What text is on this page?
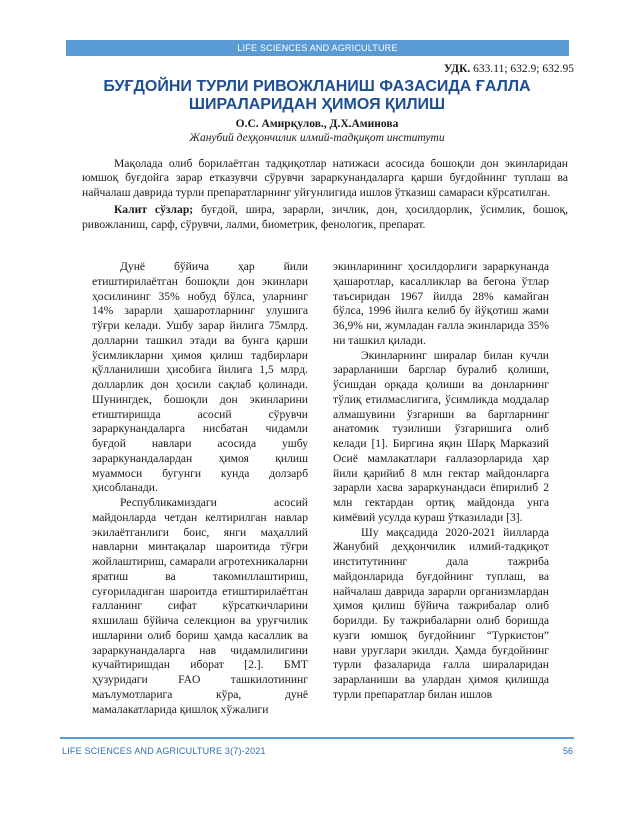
LIFE SCIENCES AND AGRICULTURE
УДК. 633.11; 632.9; 632.95
БУҒДОЙНИ ТУРЛИ РИВОЖЛАНИШ ФАЗАСИДА ҒАЛЛА
ШИРАЛАРИДАН ҲИМОЯ ҚИЛИШ
О.С. Амирқулов., Д.Х.Аминова
Жанубий деҳқончилик илмий-тадқиқот институти

Мақолада олиб борилаётган тадқиқотлар натижаси асосида бошоқли дон экинларидан юмшоқ буғдойга зарар етказувчи сўрувчи зараркунандаларга қарши буғдойнинг туплаш ва найчалаш даврида турли препаратларнинг уйғунлигида ишлов ўтказиш самарaси кўрсатилган.

Калит сўзлар; буғдой, шира, зарарли, зичлик, дон, ҳосилдорлик, ўсимлик, бошоқ, ривожланиш, сарф, сўрувчи, лалми, биометрик, фенологик, препарат.

Дунё бўйича ҳар йили етиштирилаётган бошоқли дон экинлари ҳосилининг 35% нобуд бўлса, уларнинг 14% зарарли ҳашаротларнинг улушига тўғри келади. Ушбу зарар йилига 75млрд. долларни ташкил этади ва бунга қарши ўсимликларни ҳимоя қилиш тадбирлари қўлланилиши ҳисобига йилига 1,5 млрд. долларлик дон ҳосили сақлаб қолинади. Шунингдек, бошоқли дон экинларини етиштиришда асосий сўрувчи зараркунандаларга нисбатан чидамли буғдой навлари асосида ушбу зараркунандалардан ҳимоя қилиш муаммоси бугунги кунда долзарб ҳисобланади.

Республикамиздаги асосий майдонларда четдан келтирилган навлар экилаётганлиги боис, янги маҳаллий навларни минтақалар шароитида тўғри жойлаштириш, самарали агротехникаларни яратиш ва такомиллаштириш, суғориладиган шароитда етиштирилаётган ғалланинг сифат кўрсаткичларини яхшилаш бўйича селекцион ва уруғчилик ишларини олиб бориш ҳамда касаллик ва зараркунандаларга нав чидамлилигини кучайтиришдан иборат [2.]. БМТ ҳузуридаги FAO ташкилотининг маълумотларига кўра, дунё мамалакатларида қишлоқ хўжалиги

экинларининг ҳосилдорлиги зараркунанда ҳашаротлар, касалликлар ва бегона ўтлар таъсиридан 1967 йилда 28% камайган бўлса, 1996 йилга келиб бу йўқотиш жами 36,9% ни, жумладан ғалла экинларида 35% ни ташкил қилади.

Экинларнинг ширалар билан кучли зарарланиши барглар буралиб қолиши, ўсишдан орқада қолиши ва донларнинг тўлиқ етилмаслигига, ўсимликда моддалар алмашувини ўзгариши ва баргларнинг анатомик тузилиши ўзгаришига олиб келади [1]. Биргина яқин Шарқ Марказий Осиё мамлакатлари ғаллазорларида ҳар йили қарийиб 8 млн гектар майдонларга зарарли хасва зараркунандаси ёпирилиб 2 млн гектардан ортиқ майдонда унга кимёвий усулда кураш ўтказилади [3].

Шу мақсадида 2020-2021 йилларда Жанубий деҳқончилик илмий-тадқиқот институтининг дала тажриба майдонларида буғдойнинг туплаш, ва найчалаш даврида зарарли организмлардан ҳимоя қилиш бўйича тажрибалар олиб борилди. Бу тажрибаларни олиб боришда кузги юмшоқ буғдойнинг “Туркистон” нави уруғлари экилди. Ҳамда буғдойнинг турли фазаларида ғалла шираларидан зарарланиши ва улардан ҳимоя қилишда турли препаратлар билан ишлов

LIFE SCIENCES AND AGRICULTURE 3(7)-2021	56
